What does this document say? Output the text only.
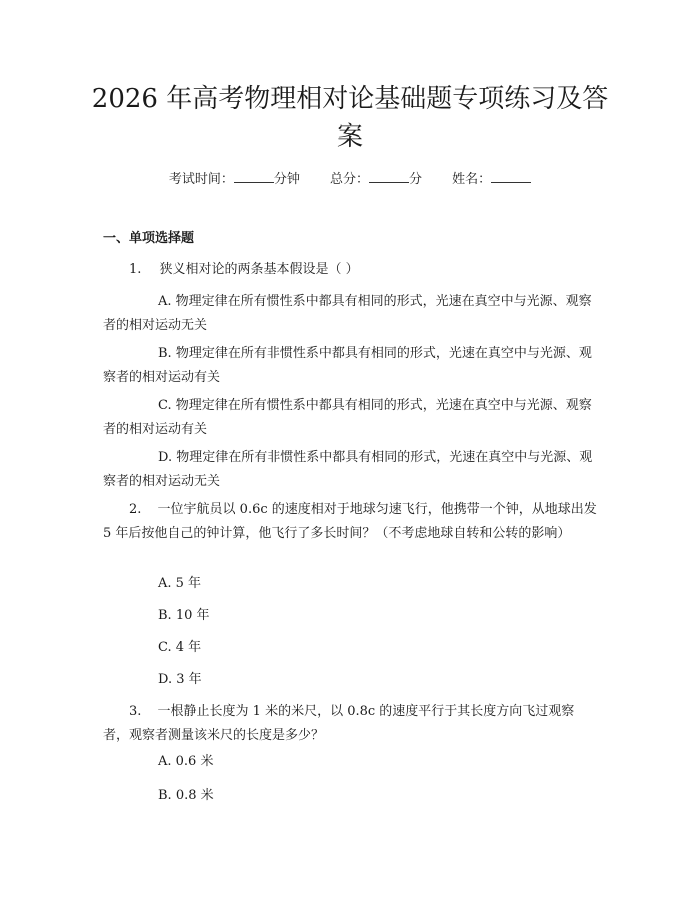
2026 年高考物理相对论基础题专项练习及答案
考试时间：	分钟 总分：	分 姓名：
一、单项选择题
1. 狭义相对论的两条基本假设是（ ）
A. 物理定律在所有惯性系中都具有相同的形式，光速在真空中与光源、观察者的相对运动无关
B. 物理定律在所有非惯性系中都具有相同的形式，光速在真空中与光源、观察者的相对运动有关
C. 物理定律在所有惯性系中都具有相同的形式，光速在真空中与光源、观察者的相对运动有关
D. 物理定律在所有非惯性系中都具有相同的形式，光速在真空中与光源、观察者的相对运动无关
2. 一位宇航员以 0.6c 的速度相对于地球匀速飞行，他携带一个钟，从地球出发 5 年后按他自己的钟计算，他飞行了多长时间？（不考虑地球自转和公转的影响）
A. 5 年
B. 10 年
C. 4 年
D. 3 年
3. 一根静止长度为 1 米的米尺，以 0.8c 的速度平行于其长度方向飞过观察者，观察者测量该米尺的长度是多少？
A. 0.6 米
B. 0.8 米
